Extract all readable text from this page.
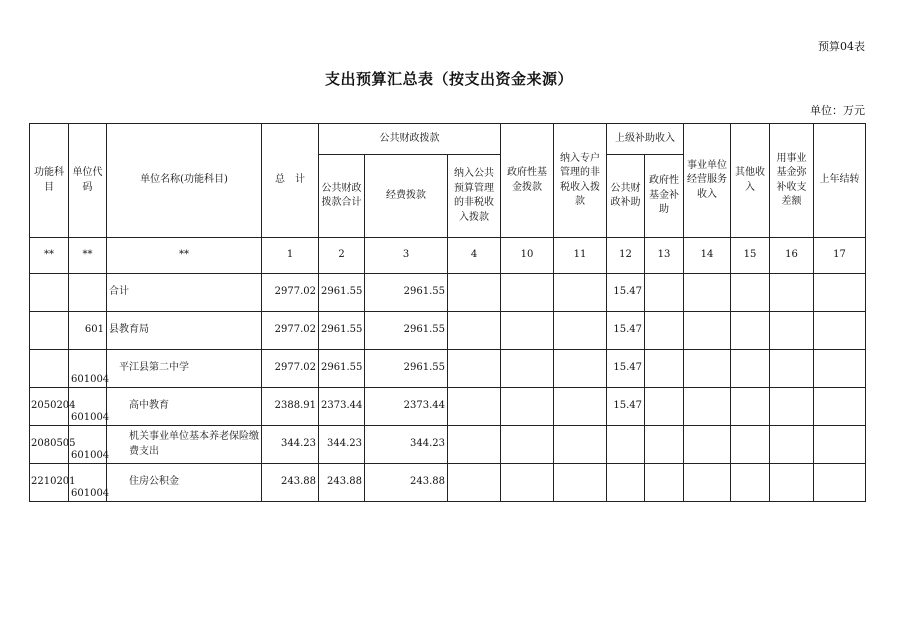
预算04表
支出预算汇总表（按支出资金来源）
单位：万元
功能科目	单位代码	单位名称(功能科目)	总　计	公共财政拨款			政府性基金拨款	纳入专户管理的非税收入拨款	上级补助收入		事业单位经营服务收入	其他收入	用事业基金弥补收支差额	上年结转
				公共财政拨款合计	经费拨款	纳入公共预算管理的非税收入拨款			公共财政补助	政府性基金补助				

**	**	**	1	2	3	4	10	11	12	13	14	15	16	17
		合计	2977.02	2961.55	2961.55				15.47					
	601	县教育局	2977.02	2961.55	2961.55				15.47					
	601004	平江县第二中学	2977.02	2961.55	2961.55				15.47					
2050204	601004	高中教育	2388.91	2373.44	2373.44				15.47					
2080505	601004	机关事业单位基本养老保险缴费支出	344.23	344.23	344.23									
2210201	601004	住房公积金	243.88	243.88	243.88									
